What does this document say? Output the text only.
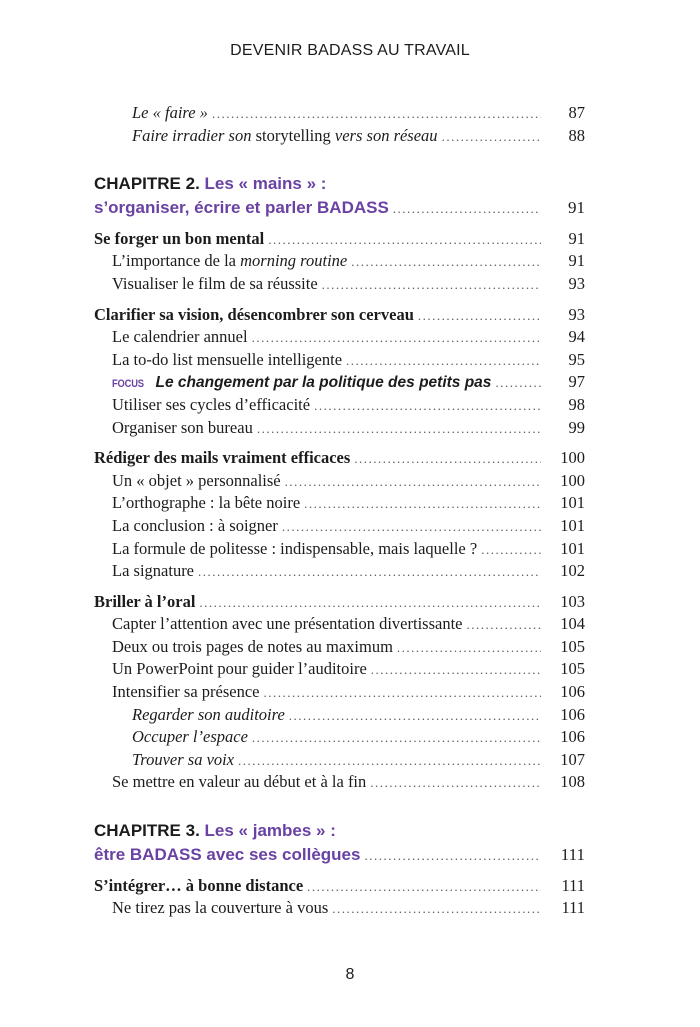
DEVENIR BADASS AU TRAVAIL
Le « faire » .....	87
Faire irradier son storytelling vers son réseau .....	88
CHAPITRE 2. Les « mains » :
s’organiser, écrire et parler BADASS .....	91
Se forger un bon mental .....	91
L’importance de la morning routine .....	91
Visualiser le film de sa réussite .....	93
Clarifier sa vision, désencombrer son cerveau .....	93
Le calendrier annuel .....	94
La to-do list mensuelle intelligente .....	95
FOCUS Le changement par la politique des petits pas .....	97
Utiliser ses cycles d’efficacité .....	98
Organiser son bureau .....	99
Rédiger des mails vraiment efficaces .....	100
Un « objet » personnalisé .....	100
L’orthographe : la bête noire .....	101
La conclusion : à soigner .....	101
La formule de politesse : indispensable, mais laquelle ? .....	101
La signature .....	102
Briller à l’oral .....	103
Capter l’attention avec une présentation divertissante .....	104
Deux ou trois pages de notes au maximum .....	105
Un PowerPoint pour guider l’auditoire .....	105
Intensifier sa présence .....	106
Regarder son auditoire .....	106
Occuper l’espace .....	106
Trouver sa voix .....	107
Se mettre en valeur au début et à la fin .....	108
CHAPITRE 3. Les « jambes » :
être BADASS avec ses collègues .....	111
S’intégrer… à bonne distance .....	111
Ne tirez pas la couverture à vous .....	111
8
